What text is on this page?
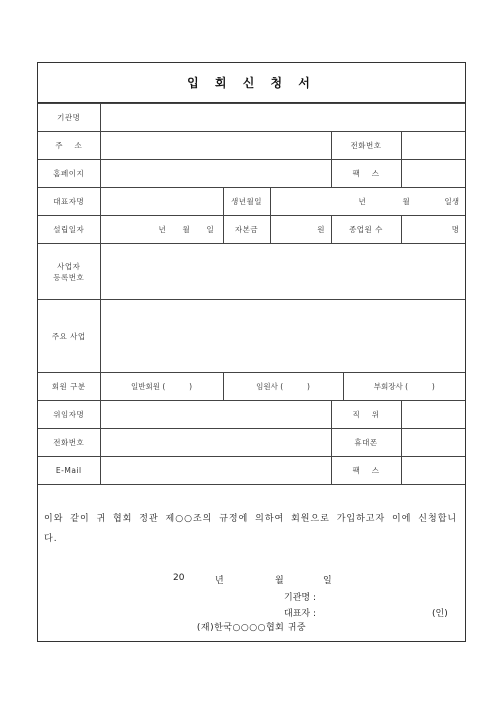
입 회 신 청 서
기관명						
주    소				전화번호		
홈페이지				팩    스		
대표자명		생년월일	년 월 일생			

설립일자	년 월 일	자본금	원	종업원 수		명

사업자
등록번호						

주요 사업						
회원 구분	일반회원 (          )	임원사 (          )			부회장사 (          )	
위임자명				직    위		
전화번호				휴대폰		
E-Mail				팩    스		
이와 같이 귀 협회 정관 제○○조의 규정에 의하여 회원으로 가입하고자 이에 신청합니다.
20	년	월	일
기관명 :
대표자 :	(인)
(재)한국○○○○협회 귀중
